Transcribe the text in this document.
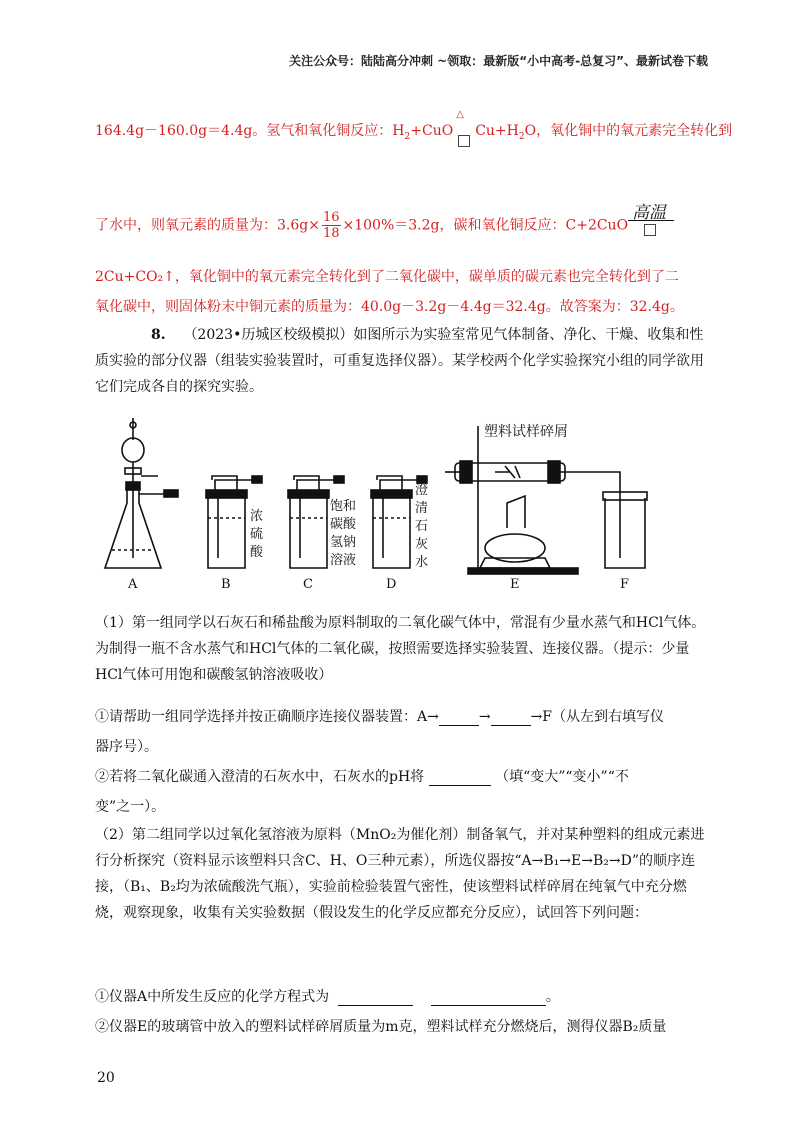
关注公众号：陆陆高分冲刺 ~领取：最新版“小中高考-总复习”、最新试卷下载
164.4g－160.0g＝4.4g。氢气和氧化铜反应：$H_2+CuO$
△
$Cu+H_2O$，氧化铜中的氧元素完全转化到
了水中，则氧元素的质量为：$3.6g\times \frac{16}{18} \times 100\%=3.2g$，碳和氧化铜反应：C+2CuO
高温
2Cu+CO₂↑，氧化铜中的氧元素完全转化到了二氧化碳中，碳单质的碳元素也完全转化到了二
氧化碳中，则固体粉末中铜元素的质量为：40.0g－3.2g－4.4g＝32.4g。故答案为：32.4g。
8. （2023•历城区校级模拟）如图所示为实验室常见气体制备、净化、干燥、收集和性质实验的部分仪器（组装实验装置时，可重复选择仪器）。某学校两个化学实验探究小组的同学欲用它们完成各自的探究实验。
塑料试样碎屑
浓
硫
酸
饱和
碳酸
氢钠
溶液
澄
清
石
灰
水
A	B	C	D	E	F
（1）第一组同学以石灰石和稀盐酸为原料制取的二氧化碳气体中，常混有少量水蒸气和HCl气体。为制得一瓶不含水蒸气和HCl气体的二氧化碳，按照需要选择实验装置、连接仪器。（提示：少量HCl气体可用饱和碳酸氢钠溶液吸收）
①请帮助一组同学选择并按正确顺序连接仪器装置：A→	→	→F（从左到右填写仪
器序号）。
②若将二氧化碳通入澄清的石灰水中，石灰水的pH将	（填“变大”“变小”“不
变”之一）。
（2）第二组同学以过氧化氢溶液为原料（MnO₂为催化剂）制备氧气，并对某种塑料的组成元素进行分析探究（资料显示该塑料只含C、H、O三种元素），所选仪器按“A→B₁→E→B₂→D”的顺序连接，（B₁、B₂均为浓硫酸洗气瓶），实验前检验装置气密性，使该塑料试样碎屑在纯氧气中充分燃烧，观察现象，收集有关实验数据（假设发生的化学反应都充分反应），试回答下列问题：
①仪器A中所发生反应的化学方程式为	。
②仪器E的玻璃管中放入的塑料试样碎屑质量为m克，塑料试样充分燃烧后，测得仪器B₂质量
20
